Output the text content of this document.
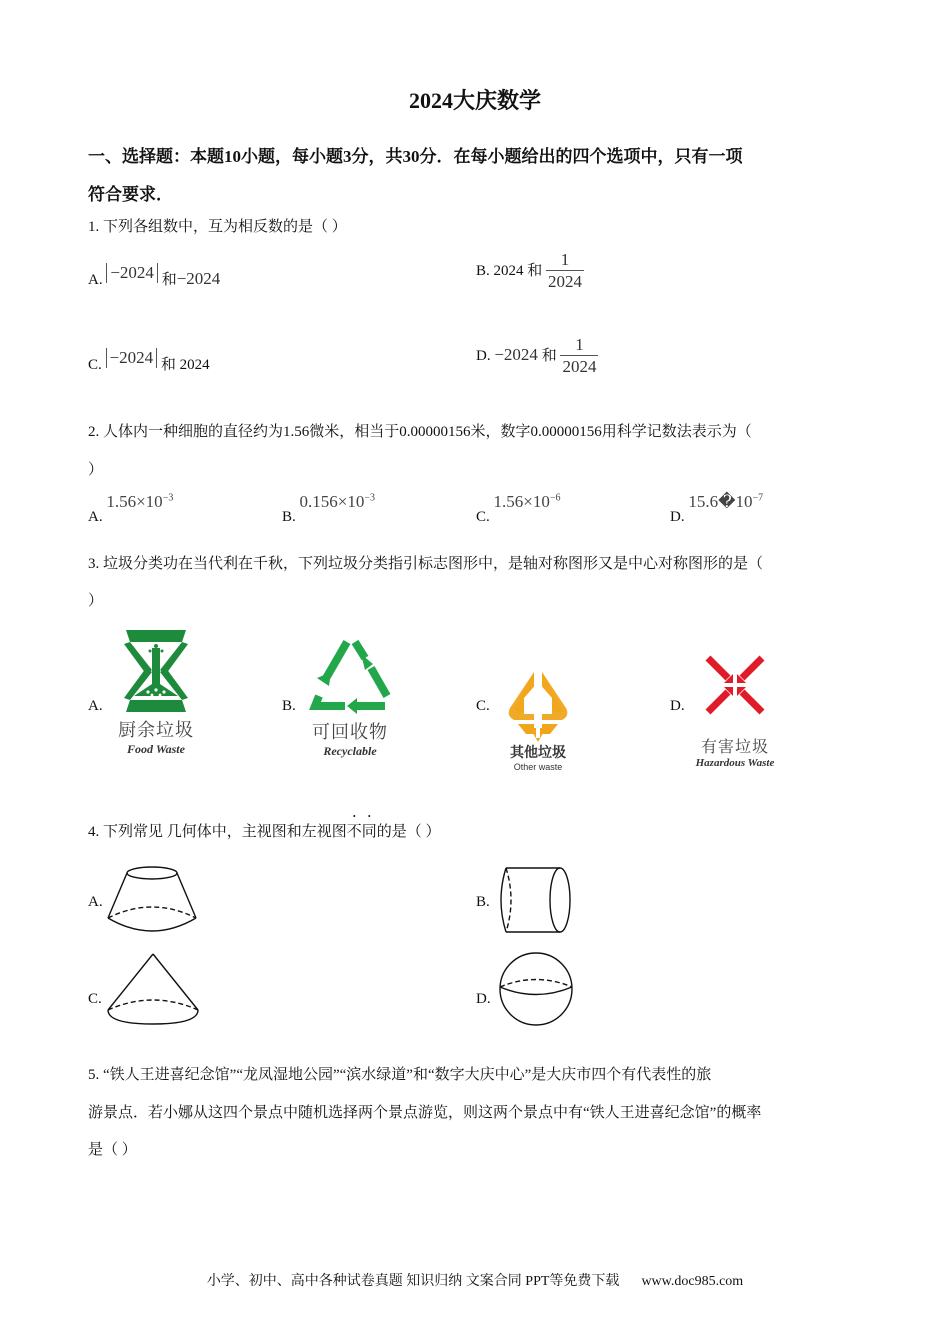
2024大庆数学
一、选择题：本题10小题，每小题3分，共30分．在每小题给出的四个选项中，只有一项
符合要求．
1. 下列各组数中，互为相反数的是（ ）
A. −2024 和−2024	B. 2024 和 $\frac{1}{2024}$
C. −2024 和 2024
D. −2024 和 $\frac{1}{2024}$
2. 人体内一种细胞的直径约为1.56微米，相当于0.00000156米，数字0.00000156用科学记数法表示为（
）
A. $1.56\times 10^{-3}$
B. $0.156\times 10^{-3}$
C. $1.56\times 10^{-6}$
D. $15.6�10^{-7}$
3. 垃圾分类功在当代利在千秋，下列垃圾分类指引标志图形中，是轴对称图形又是中心对称图形的是（
）
A.
厨余垃圾
Food Waste
B.
可回收物
Recyclable
C.
其他垃圾
Other waste
D.
有害垃圾
Hazardous Waste
4. 下列常见 几何体中，主视图和左视图不同的是（ ）
A.	B.
C.	D.
5. “铁人王进喜纪念馆”“龙凤湿地公园”“滨水绿道”和“数字大庆中心”是大庆市四个有代表性的旅
游景点．若小娜从这四个景点中随机选择两个景点游览，则这两个景点中有“铁人王进喜纪念馆”的概率
是（ ）
小学、初中、高中各种试卷真题 知识归纳 文案合同 PPT等免费下载 www.doc985.com
